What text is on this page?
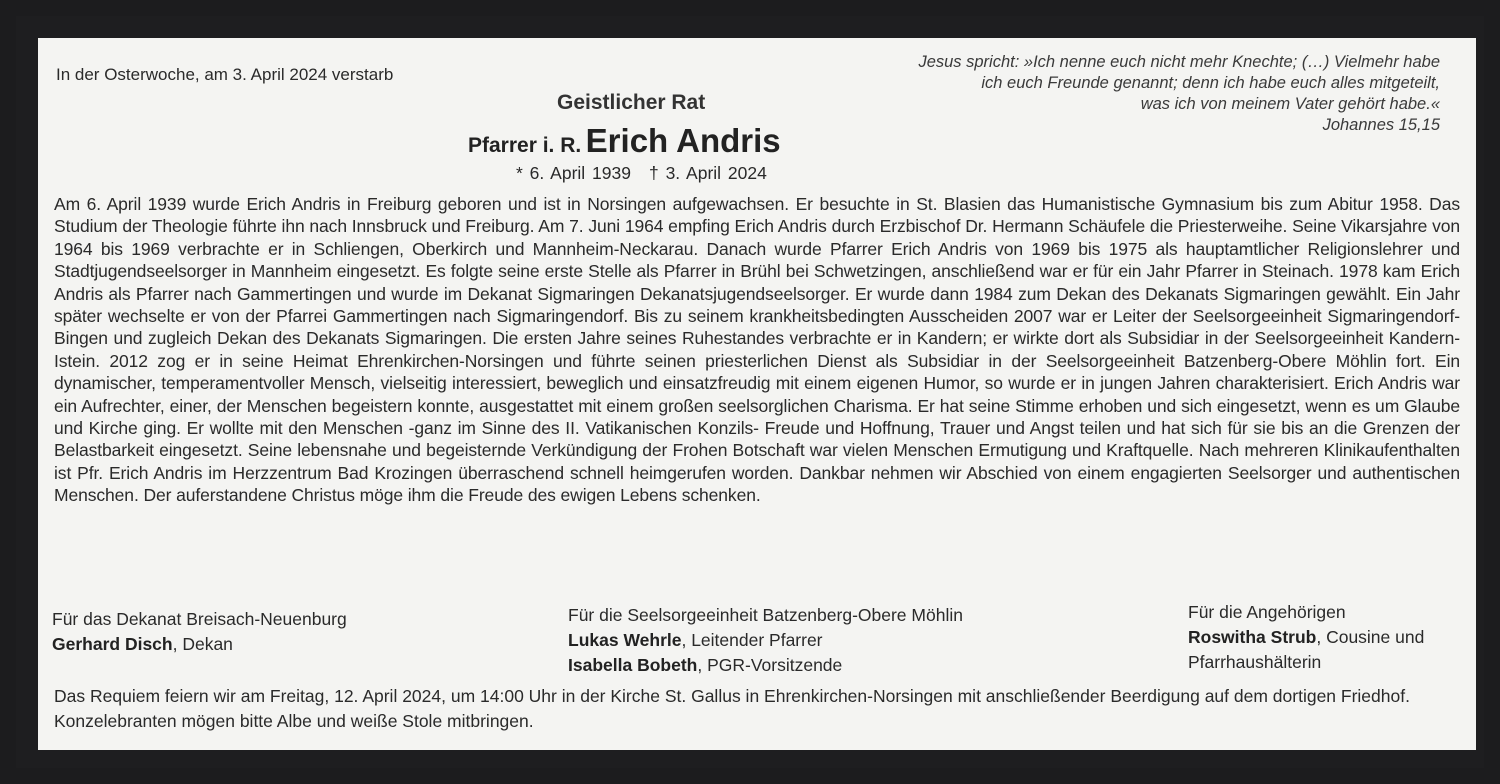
In der Osterwoche, am 3. April 2024 verstarb
Jesus spricht: »Ich nenne euch nicht mehr Knechte; (…) Vielmehr habe
ich euch Freunde genannt; denn ich habe euch alles mitgeteilt,
was ich von meinem Vater gehört habe.«
Johannes 15,15
Geistlicher Rat
Pfarrer i. R. Erich Andris
* 6. April 1939 † 3. April 2024
Am 6. April 1939 wurde Erich Andris in Freiburg geboren und ist in Norsingen aufgewachsen. Er besuchte in St. Blasien das Humanistische Gymnasium bis zum Abitur 1958. Das Studium der Theologie führte ihn nach Innsbruck und Freiburg. Am 7. Juni 1964 empfing Erich Andris durch Erzbischof Dr. Hermann Schäufele die Priesterweihe. Seine Vikarsjahre von 1964 bis 1969 verbrachte er in Schliengen, Oberkirch und Mannheim-Neckarau. Danach wurde Pfarrer Erich Andris von 1969 bis 1975 als hauptamtlicher Religionslehrer und Stadtjugendseelsorger in Mannheim eingesetzt. Es folgte seine erste Stelle als Pfarrer in Brühl bei Schwetzingen, anschließend war er für ein Jahr Pfarrer in Steinach. 1978 kam Erich Andris als Pfarrer nach Gammertingen und wurde im Dekanat Sigmaringen Dekanatsjugendseelsorger. Er wurde dann 1984 zum Dekan des Dekanats Sigmaringen gewählt. Ein Jahr später wechselte er von der Pfarrei Gammertingen nach Sigmaringendorf. Bis zu seinem krankheitsbedingten Ausscheiden 2007 war er Leiter der Seelsorgeeinheit Sigmaringendorf-Bingen und zugleich Dekan des Dekanats Sigmaringen. Die ersten Jahre seines Ruhestandes verbrachte er in Kandern; er wirkte dort als Subsidiar in der Seelsorgeeinheit Kandern-Istein. 2012 zog er in seine Heimat Ehrenkirchen-Norsingen und führte seinen priesterlichen Dienst als Subsidiar in der Seelsorgeeinheit Batzenberg-Obere Möhlin fort. Ein dynamischer, temperamentvoller Mensch, vielseitig interessiert, beweglich und einsatzfreudig mit einem eigenen Humor, so wurde er in jungen Jahren charakterisiert. Erich Andris war ein Aufrechter, einer, der Menschen begeistern konnte, ausgestattet mit einem großen seelsorglichen Charisma. Er hat seine Stimme erhoben und sich eingesetzt, wenn es um Glaube und Kirche ging. Er wollte mit den Menschen -ganz im Sinne des II. Vatikanischen Konzils- Freude und Hoffnung, Trauer und Angst teilen und hat sich für sie bis an die Grenzen der Belastbarkeit eingesetzt. Seine lebensnahe und begeisternde Verkündigung der Frohen Botschaft war vielen Menschen Ermutigung und Kraftquelle. Nach mehreren Klinikaufenthalten ist Pfr. Erich Andris im Herzzentrum Bad Krozingen überraschend schnell heimgerufen worden. Dankbar nehmen wir Abschied von einem engagierten Seelsorger und authentischen Menschen. Der auferstandene Christus möge ihm die Freude des ewigen Lebens schenken.
Für das Dekanat Breisach-Neuenburg
Gerhard Disch, Dekan
Für die Seelsorgeeinheit Batzenberg-Obere Möhlin
Lukas Wehrle, Leitender Pfarrer
Isabella Bobeth, PGR-Vorsitzende
Für die Angehörigen
Roswitha Strub, Cousine und
Pfarrhaushälterin
Das Requiem feiern wir am Freitag, 12. April 2024, um 14:00 Uhr in der Kirche St. Gallus in Ehrenkirchen-Norsingen mit anschließender Beerdigung auf dem dortigen Friedhof. Konzelebranten mögen bitte Albe und weiße Stole mitbringen.
